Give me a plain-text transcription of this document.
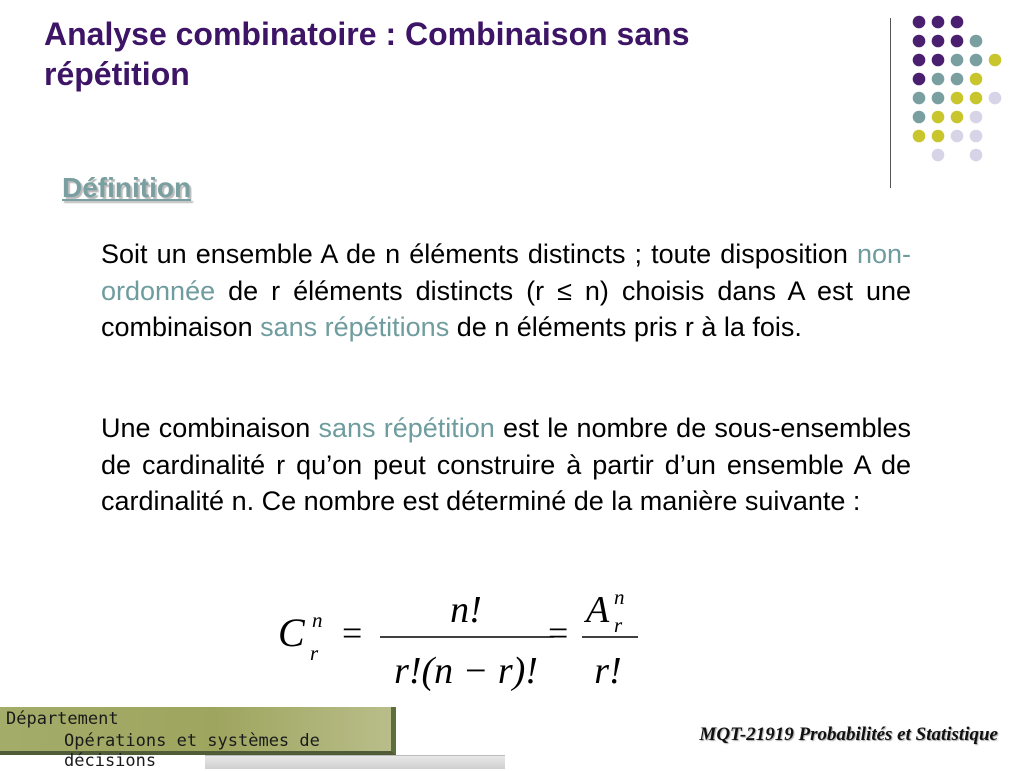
Analyse combinatoire : Combinaison sans répétition
Définition

Soit un ensemble A de n éléments distincts ; toute disposition non-ordonnée de r éléments distincts (r ≤ n) choisis dans A est une combinaison sans répétitions de n éléments pris r à la fois.

Une combinaison sans répétition est le nombre de sous-ensembles de cardinalité r qu’on peut construire à partir d’un ensemble A de cardinalité n. Ce nombre est déterminé de la manière suivante :

C n
r =
n!
r!(n − r)!
=
A n
r
r!

Département

Opérations et systèmes de décisions

MQT-21919 Probabilités et Statistique
